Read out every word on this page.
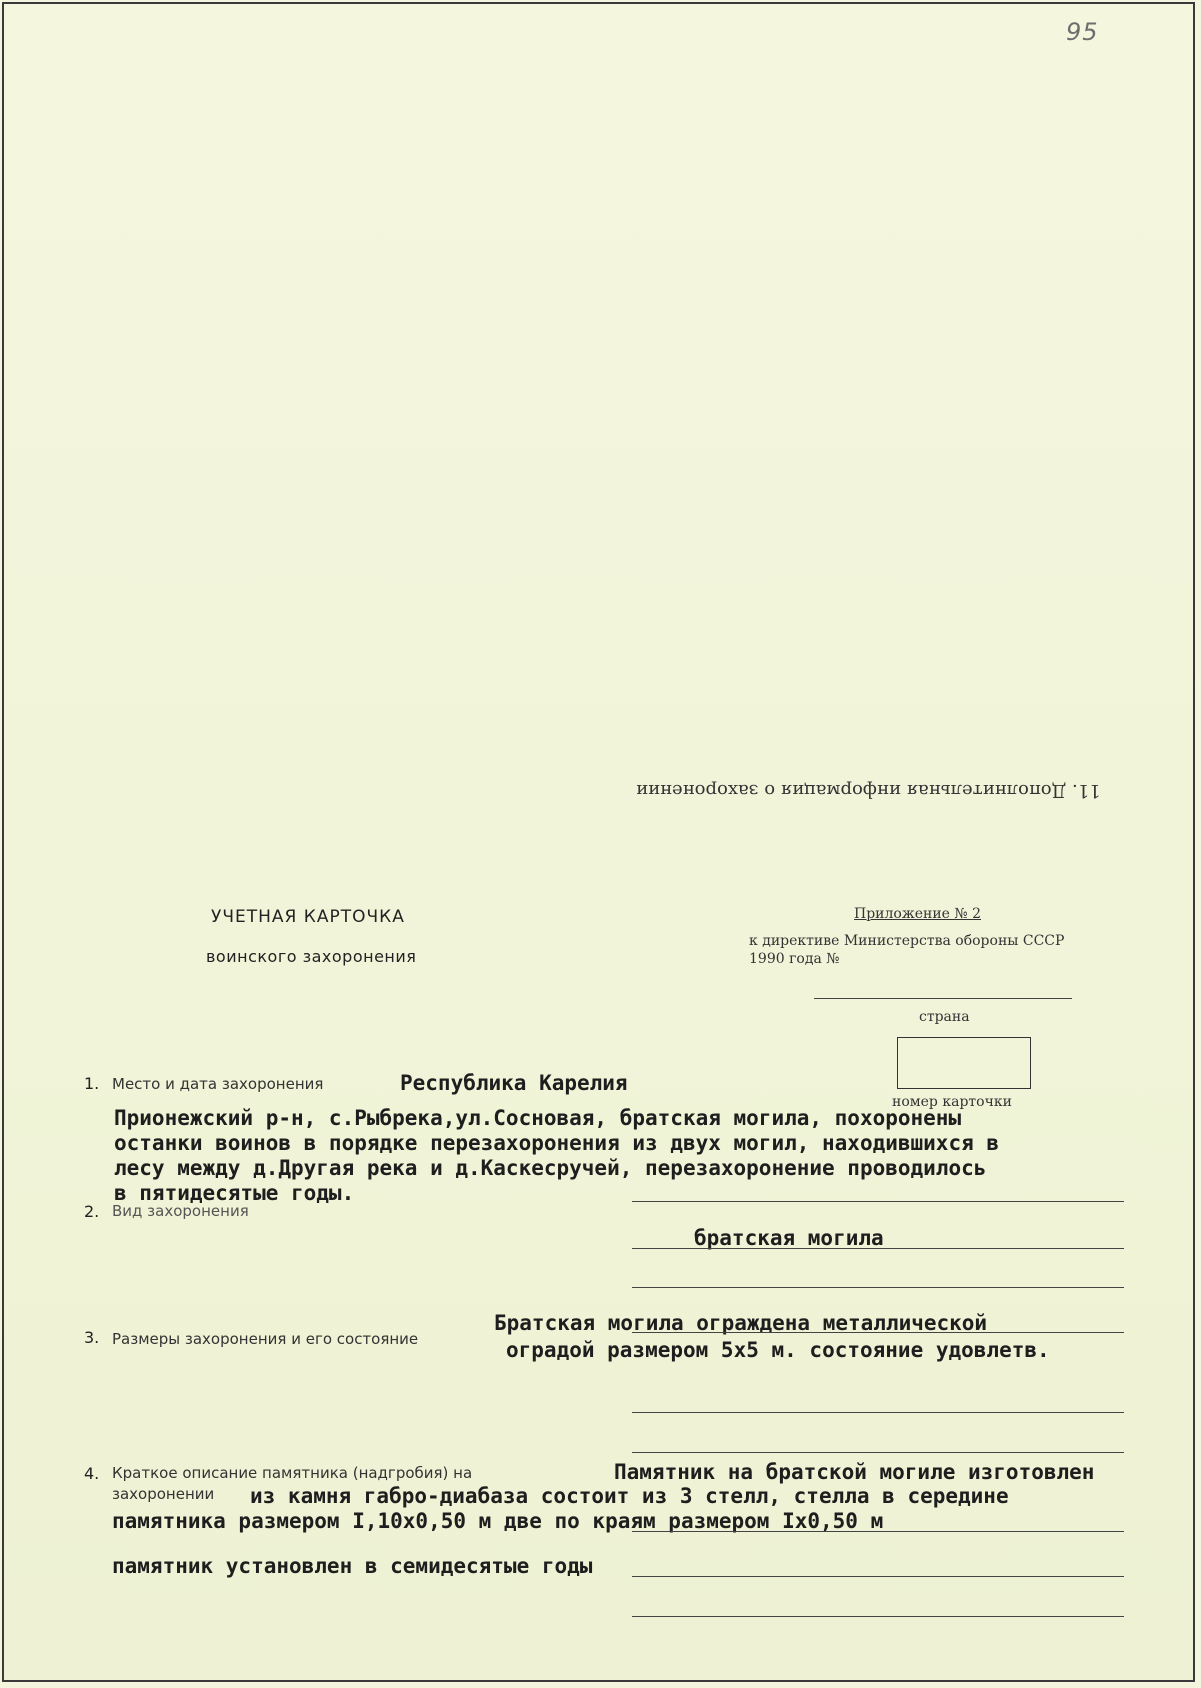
95
11. Дополнительная информация о захоронении
УЧЕТНАЯ КАРТОЧКА
воинского захоронения
Приложение № 2
к директиве Министерства обороны СССР
1990 года №
страна
номер карточки
1. Место и дата захоронения	Республика Карелия
Прионежский р-н, с.Рыбрека,ул.Сосновая, братская могила, похоронены
останки воинов в порядке перезахоронения из двух могил, находившихся в
лесу между д.Другая река и д.Каскесручей, перезахоронение проводилось
в пятидесятые годы.
2. Вид захоронения
братская могила
3. Размеры захоронения и его состояние
Братская могила ограждена металлической
оградой размером 5х5 м. состояние удовлетв.
4. Краткое описание памятника (надгробия) на
захоронении
Памятник на братской могиле изготовлен
из камня габро-диабаза состоит из 3 стелл, стелла в середине
памятника размером I,10х0,50 м две по краям размером Iх0,50 м
памятник установлен в семидесятые годы
